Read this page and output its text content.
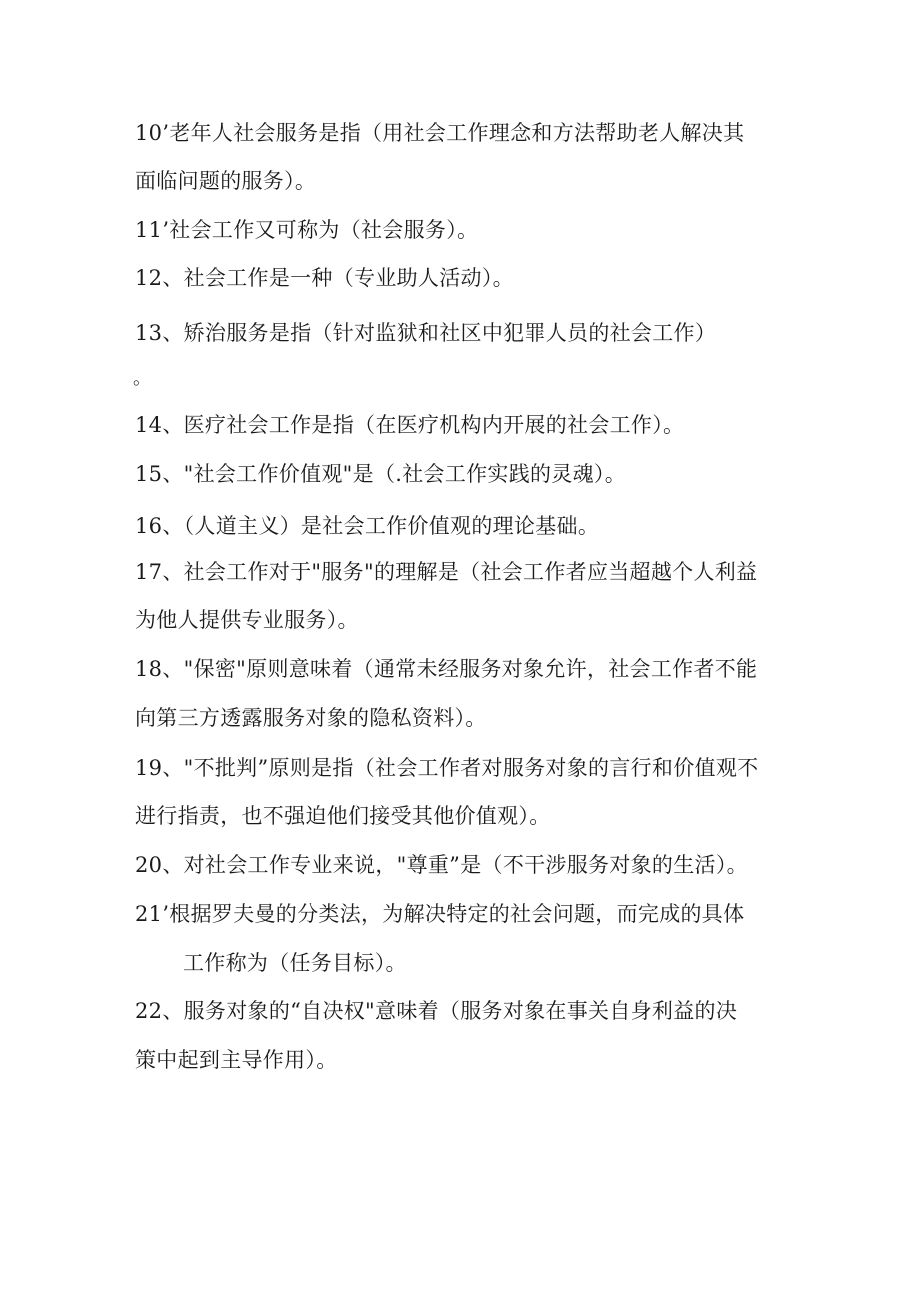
10’老年人社会服务是指（用社会工作理念和方法帮助老人解决其
面临问题的服务）。
11’社会工作又可称为（社会服务）。
12、社会工作是一种（专业助人活动）。
13、矫治服务是指（针对监狱和社区中犯罪人员的社会工作）
。
14、医疗社会工作是指（在医疗机构内开展的社会工作）。
15、"社会工作价值观"是（.社会工作实践的灵魂）。
16、（人道主义）是社会工作价值观的理论基础。
17、社会工作对于"服务"的理解是（社会工作者应当超越个人利益
为他人提供专业服务）。
18、"保密"原则意味着（通常未经服务对象允许，社会工作者不能
向第三方透露服务对象的隐私资料）。
19、"不批判”原则是指（社会工作者对服务对象的言行和价值观不
进行指责，也不强迫他们接受其他价值观）。
20、对社会工作专业来说，"尊重”是（不干涉服务对象的生活）。
21’根据罗夫曼的分类法，为解决特定的社会问题，而完成的具体
工作称为（任务目标）。
22、服务对象的“自决权"意味着（服务对象在事关自身利益的决
策中起到主导作用）。
